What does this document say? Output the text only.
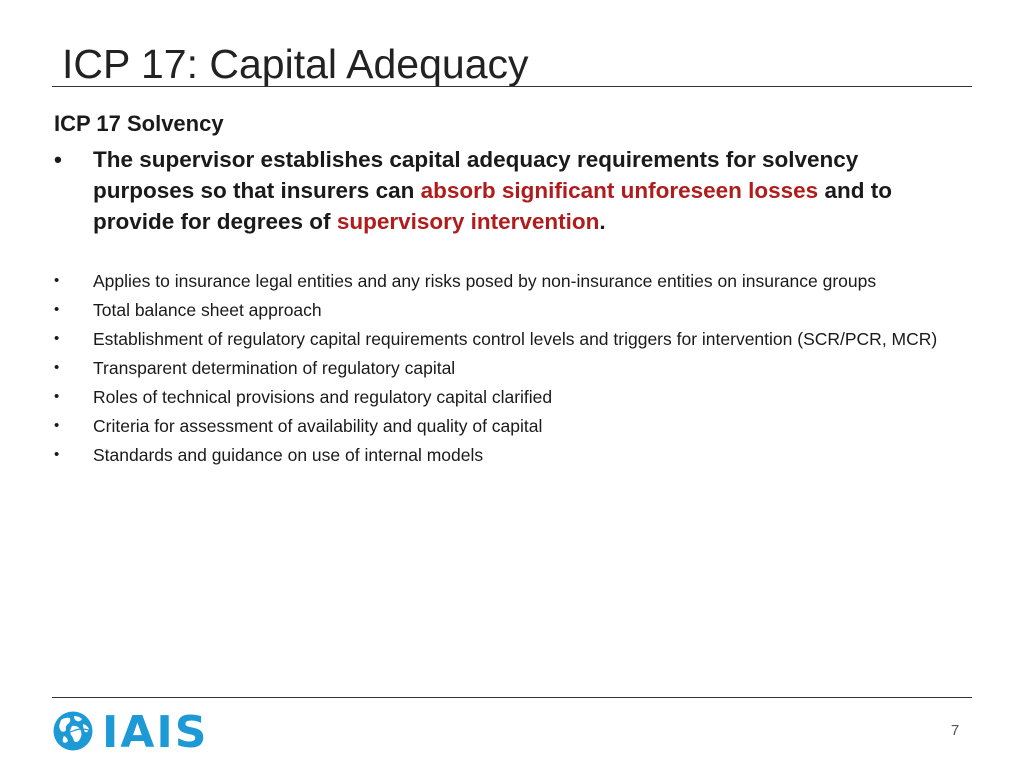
ICP 17: Capital Adequacy
ICP 17 Solvency
• The supervisor establishes capital adequacy requirements for solvency purposes so that insurers can absorb significant unforeseen losses and to provide for degrees of supervisory intervention.
• Applies to insurance legal entities and any risks posed by non-insurance entities on insurance groups
• Total balance sheet approach
• Establishment of regulatory capital requirements control levels and triggers for intervention (SCR/PCR, MCR)
• Transparent determination of regulatory capital
• Roles of technical provisions and regulatory capital clarified
• Criteria for assessment of availability and quality of capital
• Standards and guidance on use of internal models
IAIS	7
